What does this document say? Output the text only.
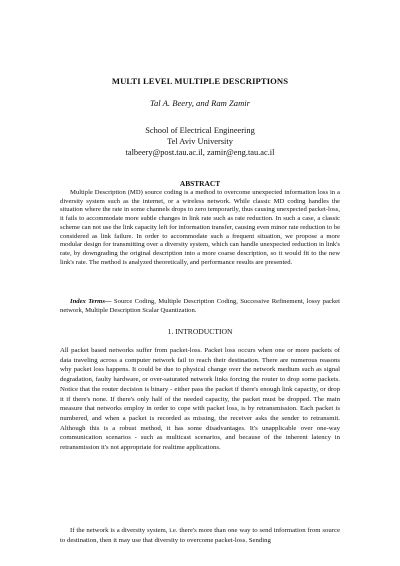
MULTI LEVEL MULTIPLE DESCRIPTIONS
Tal A. Beery, and Ram Zamir
School of Electrical Engineering
Tel Aviv University
talbeery@post.tau.ac.il, zamir@eng.tau.ac.il
ABSTRACT

Multiple Description (MD) source coding is a method to overcome unexpected information loss in a diversity system such as the internet, or a wireless network. While classic MD coding handles the situation where the rate in some channels drops to zero temporarily, thus causing unexpected packet-loss, it fails to accommodate more subtle changes in link rate such as rate reduction. In such a case, a classic scheme can not use the link capacity left for information transfer, causing even minor rate reduction to be considered as link failure. In order to accommodate such a frequent situation, we propose a more modular design for transmitting over a diversity system, which can handle unexpected reduction in link's rate, by downgrading the original description into a more coarse description, so it would fit to the new link's rate. The method is analyzed theoretically, and performance results are presented.

Index Terms— Source Coding, Multiple Description Coding, Successive Refinement, lossy packet network, Multiple Description Scalar Quantization.

1. INTRODUCTION

All packet based networks suffer from packet-loss. Packet loss occurs when one or more packets of data traveling across a computer network fail to reach their destination. There are numerous reasons why packet loss happens. It could be due to physical change over the network medium such as signal degradation, faulty hardware, or over-saturated network links forcing the router to drop some packets. Notice that the router decision is binary - either pass the packet if there's enough link capacity, or drop it if there's none. If there's only half of the needed capacity, the packet must be dropped. The main measure that networks employ in order to cope with packet loss, is by retransmission. Each packet is numbered, and when a packet is recorded as missing, the receiver asks the sender to retransmit. Although this is a robust method, it has some disadvantages. It's unapplicable over one-way communication scenarios - such as multicast scenarios, and because of the inherent latency in retransmission it's not appropriate for realtime applications.

If the network is a diversity system, i.e. there's more than one way to send information from source to destination, then it may use that diversity to overcome packet-loss. Sending
